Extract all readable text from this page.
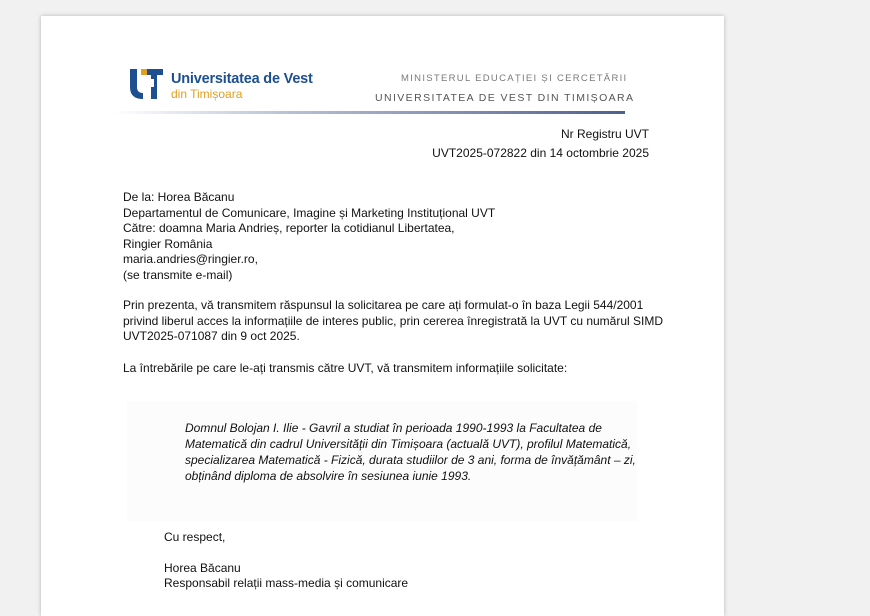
Universitatea de Vest
din Timișoara
MINISTERUL EDUCAȚIEI ȘI CERCETĂRII
UNIVERSITATEA DE VEST DIN TIMIȘOARA
Nr Registru UVT
UVT2025-072822 din 14 octombrie 2025
De la: Horea Băcanu
Departamentul de Comunicare, Imagine și Marketing Instituțional UVT
Către: doamna Maria Andrieș, reporter la cotidianul Libertatea,
Ringier România
maria.andries@ringier.ro,
(se transmite e-mail)
Prin prezenta, vă transmitem răspunsul la solicitarea pe care ați formulat-o în baza Legii 544/2001
privind liberul acces la informațiile de interes public, prin cererea înregistrată la UVT cu numărul SIMD
UVT2025-071087 din 9 oct 2025.
La întrebările pe care le-ați transmis către UVT, vă transmitem informațiile solicitate:
Domnul Bolojan I. Ilie - Gavril a studiat în perioada 1990-1993 la Facultatea de
Matematică din cadrul Universității din Timișoara (actuală UVT), profilul Matematică,
specializarea Matematică - Fizică, durata studiilor de 3 ani, forma de învățământ – zi,
obținând diploma de absolvire în sesiunea iunie 1993.
Cu respect,
Horea Băcanu
Responsabil relații mass-media și comunicare
